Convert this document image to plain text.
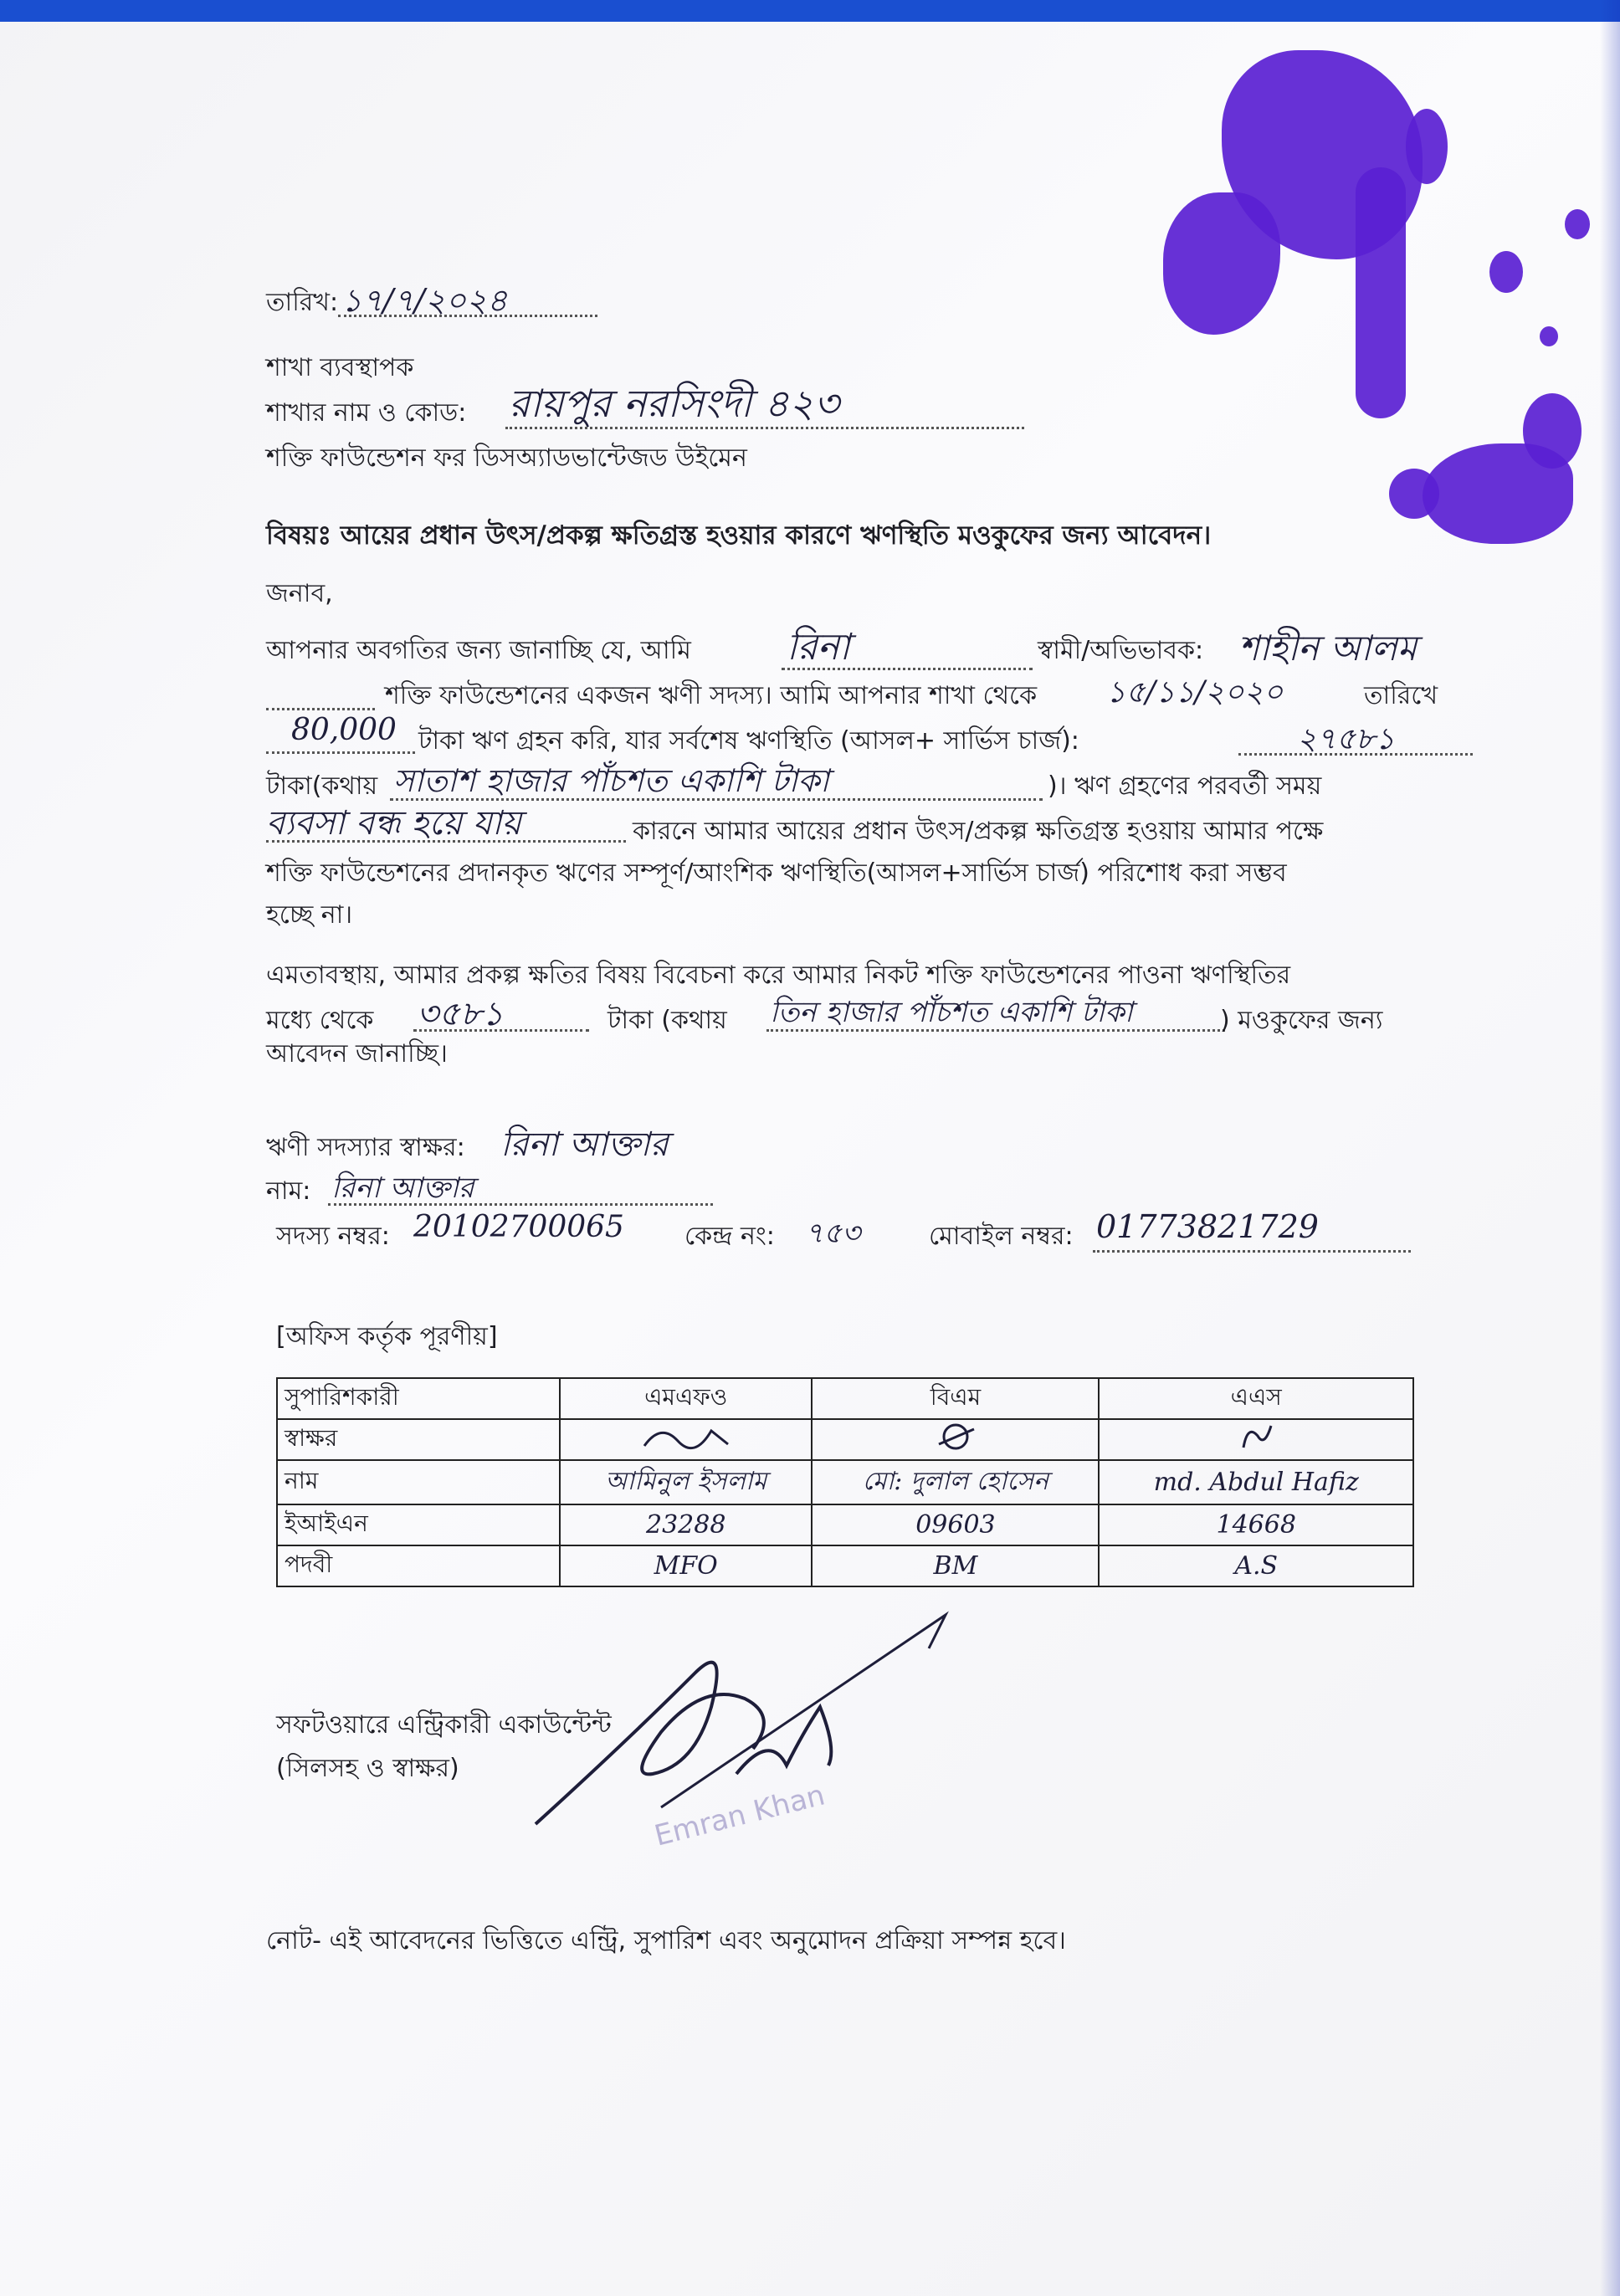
তারিখ: ১৭/৭/২০২৪
শাখা ব্যবস্থাপক
শাখার নাম ও কোড: রায়পুর নরসিংদী ৪২৩
শক্তি ফাউন্ডেশন ফর ডিসঅ্যাডভান্টেজড উইমেন
বিষয়ঃ আয়ের প্রধান উৎস/প্রকল্প ক্ষতিগ্রস্ত হওয়ার কারণে ঋণস্থিতি মওকুফের জন্য আবেদন।
জনাব,
আপনার অবগতির জন্য জানাচ্ছি যে, আমি	রিনা	স্বামী/অভিভাবক: শাহীন আলম
শক্তি ফাউন্ডেশনের একজন ঋণী সদস্য। আমি আপনার শাখা থেকে ১৫/১১/২০২০	তারিখে
80,000 টাকা ঋণ গ্রহন করি, যার সর্বশেষ ঋণস্থিতি (আসল+ সার্ভিস চার্জ):	২৭৫৮১
টাকা(কথায় সাতাশ হাজার পাঁচশত একাশি টাকা	)। ঋণ গ্রহণের পরবর্তী সময়
ব্যবসা বন্ধ হয়ে যায়	কারনে আমার আয়ের প্রধান উৎস/প্রকল্প ক্ষতিগ্রস্ত হওয়ায় আমার পক্ষে
শক্তি ফাউন্ডেশনের প্রদানকৃত ঋণের সম্পূর্ণ/আংশিক ঋণস্থিতি(আসল+সার্ভিস চার্জ) পরিশোধ করা সম্ভব
হচ্ছে না।
এমতাবস্থায়, আমার প্রকল্প ক্ষতির বিষয় বিবেচনা করে আমার নিকট শক্তি ফাউন্ডেশনের পাওনা ঋণস্থিতির
মধ্যে থেকে ৩৫৮১	টাকা (কথায় তিন হাজার পাঁচশত একাশি টাকা	) মওকুফের জন্য
আবেদন জানাচ্ছি।
ঋণী সদস্যার স্বাক্ষর: রিনা আক্তার
নাম: রিনা আক্তার
সদস্য নম্বর: 20102700065 কেন্দ্র নং: ৭৫৩	মোবাইল নম্বর: 01773821729
[অফিস কর্তৃক পূরণীয়]
সুপারিশকারী	এমএফও	বিএম	এএস
স্বাক্ষর			
নাম	আমিনুল ইসলাম	মো: দুলাল হোসেন	md. Abdul Hafiz
ইআইএন	23288	09603	14668
পদবী	MFO	BM	A.S
সফটওয়ারে এন্ট্রিকারী একাউন্টেন্ট
(সিলসহ ও স্বাক্ষর)
Emran Khan
নোট- এই আবেদনের ভিত্তিতে এন্ট্রি, সুপারিশ এবং অনুমোদন প্রক্রিয়া সম্পন্ন হবে।
